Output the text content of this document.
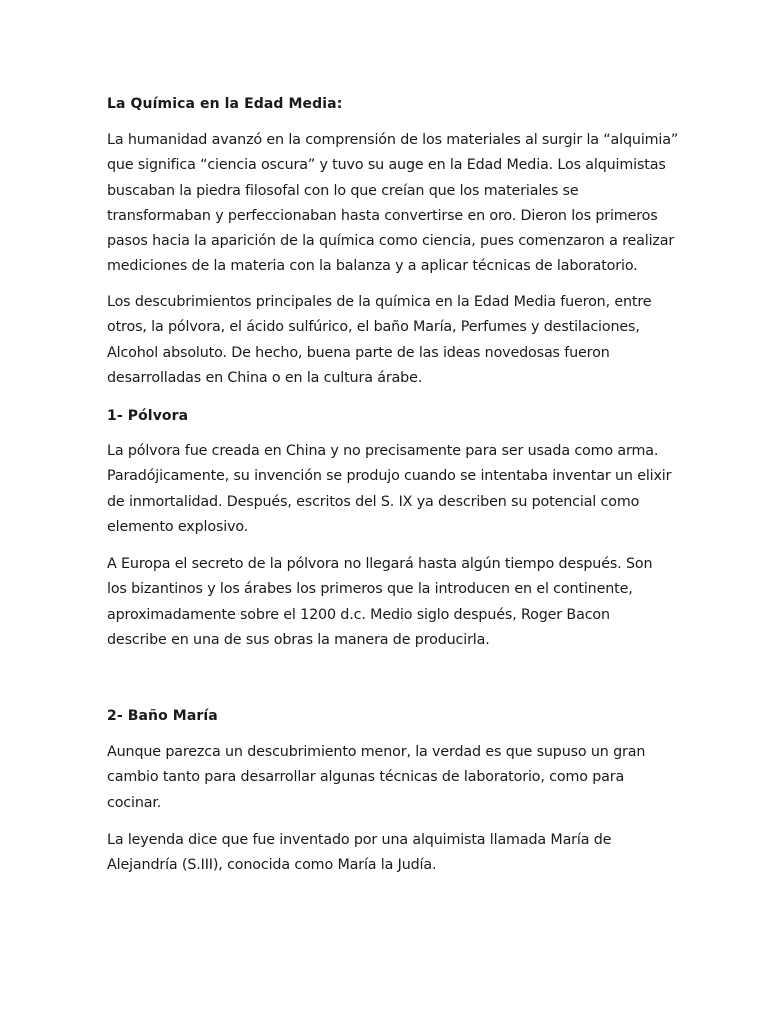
La Química en la Edad Media:
La humanidad avanzó en la comprensión de los materiales al surgir la “alquimia”
que significa “ciencia oscura” y tuvo su auge en la Edad Media. Los alquimistas
buscaban la piedra filosofal con lo que creían que los materiales se
transformaban y perfeccionaban hasta convertirse en oro. Dieron los primeros
pasos hacia la aparición de la química como ciencia, pues comenzaron a realizar
mediciones de la materia con la balanza y a aplicar técnicas de laboratorio.
Los descubrimientos principales de la química en la Edad Media fueron, entre
otros, la pólvora, el ácido sulfúrico, el baño María, Perfumes y destilaciones,
Alcohol absoluto. De hecho, buena parte de las ideas novedosas fueron
desarrolladas en China o en la cultura árabe.
1- Pólvora
La pólvora fue creada en China y no precisamente para ser usada como arma.
Paradójicamente, su invención se produjo cuando se intentaba inventar un elixir
de inmortalidad. Después, escritos del S. IX ya describen su potencial como
elemento explosivo.
A Europa el secreto de la pólvora no llegará hasta algún tiempo después. Son
los bizantinos y los árabes los primeros que la introducen en el continente,
aproximadamente sobre el 1200 d.c. Medio siglo después, Roger Bacon
describe en una de sus obras la manera de producirla.
2- Baño María
Aunque parezca un descubrimiento menor, la verdad es que supuso un gran
cambio tanto para desarrollar algunas técnicas de laboratorio, como para
cocinar.
La leyenda dice que fue inventado por una alquimista llamada María de
Alejandría (S.III), conocida como María la Judía.
